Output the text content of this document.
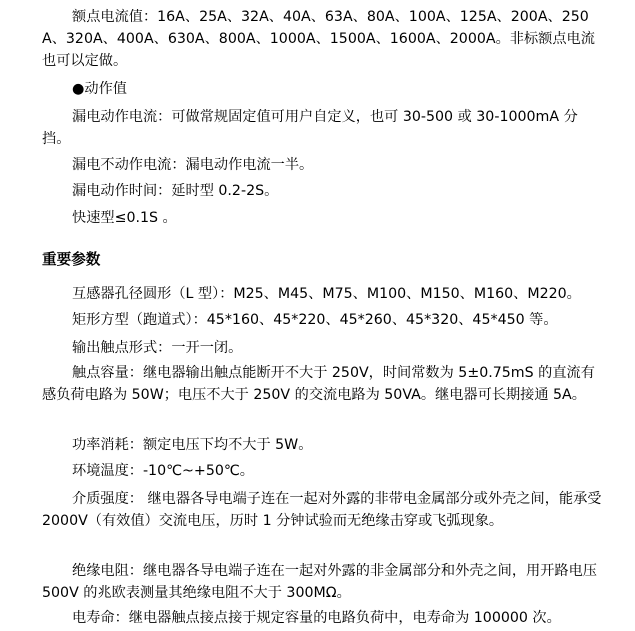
额点电流值：16A、25A、32A、40A、63A、80A、100A、125A、200A、250A、320A、400A、630A、800A、1000A、1500A、1600A、2000A。非标额点电流也可以定做。
●动作值
漏电动作电流：可做常规固定值可用户自定义，也可 30-500 或 30-1000mA 分挡。
漏电不动作电流：漏电动作电流一半。
漏电动作时间：延时型 0.2-2S。
快速型≤0.1S 。
重要参数
互感器孔径圆形（L 型）：M25、M45、M75、M100、M150、M160、M220。
矩形方型（跑道式）：45*160、45*220、45*260、45*320、45*450 等。
输出触点形式：一开一闭。
触点容量：继电器输出触点能断开不大于 250V，时间常数为 5±0.75mS 的直流有感负荷电路为 50W；电压不大于 250V 的交流电路为 50VA。继电器可长期接通 5A。
功率消耗：额定电压下均不大于 5W。
环境温度：-10℃~+50℃。
介质强度： 继电器各导电端子连在一起对外露的非带电金属部分或外壳之间，能承受 2000V（有效值）交流电压，历时 1 分钟试验而无绝缘击穿或飞弧现象。
绝缘电阻：继电器各导电端子连在一起对外露的非金属部分和外壳之间，用开路电压 500V 的兆欧表测量其绝缘电阻不大于 300MΩ。
电寿命：继电器触点接点接于规定容量的电路负荷中，电寿命为 100000 次。
